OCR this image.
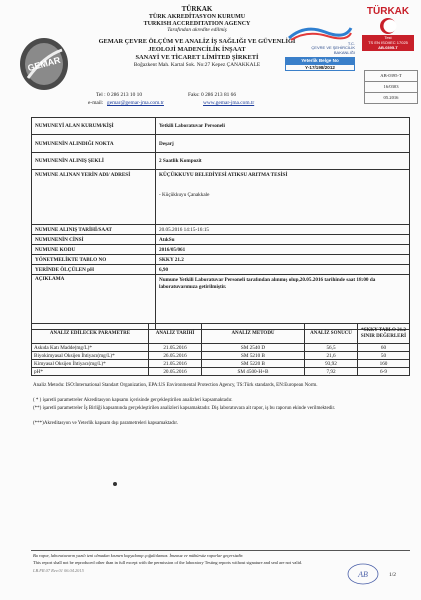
GEMAR
TÜRKAK
TÜRK AKREDİTASYON KURUMU
TURKISH ACCREDITATION AGENCY
Tarafından akredite edilmiş
GEMAR ÇEVRE ÖLÇÜM VE ANALİZ İŞ SAĞLIĞI VE GÜVENLİĞİ
JEOLOJİ MADENCİLİK İNŞAAT
SANAYİ VE TİCARET LİMİTED ŞİRKETİ
Boğazkent Mah. Kartal Sok. No:27 Kepez ÇANAKKALE
Tel : 0 286 213 10 10	Faks: 0 286 213 81 66
e-mail: gemar@gemar-jma.com.tr	www.gemar-jma.com.tr
T.C.
ÇEVRE VE ŞEHİRCİLİK
BAKANLIĞI
Yeterlik Belge No
Y-17/198/2012
TÜRKAK
Test
TS EN ISO/IEC 17025
AB-0395-T
AB-0395-T
16/0303
05.2016
NUMUNEYİ ALAN KURUM/KİŞİ	Yetkili Laboratuvar Personeli
NUMUNENİN ALINDIĞI NOKTA	Deşarj
NUMUNENİN ALINIŞ ŞEKLİ	2 Saatlik Kompozit
NUMUNE ALINAN YERİN ADI/ ADRESİ	KÜÇÜKKUYU BELEDİYESİ ATIKSU ARITMA TESİSİ
- Küçükkuyu Çanakkale

NUMUNE ALINIŞ TARİHİ/SAAT	20.05.2016 14:15-16:15
NUMUNENİN CİNSİ	AtıkSu
NUMUNE KODU	2016/05/061
YÖNETMELİKTE TABLO NO	SKKY 21.2
YERİNDE ÖLÇÜLEN pH	6,90
AÇIKLAMA	Numune Yetkili Laboratuvar Personeli tarafından alınmış olup,20.05.2016 tarihinde saat 18:00 da laboratuvarımıza getirilmiştir.
ANALİZ EDİLECEK PARAMETRE	ANALİZ TARİHİ	ANALİZ METODU	ANALİZ SONUCU	*SKKY TABLO 21.2 SINIR DEĞERLERİ
Askıda Katı Madde(mg/L)*	21.05.2016	SM 2540 D	56,5	60
Biyokimyasal Oksijen İhtiyacı(mg/L)*	26.05.2016	SM 5210 B	21,6	50
Kimyasal Oksijen İhtiyacı(mg/L)*	21.05.2016	SM 5220 B	93,92	160
pH*	20.05.2016	SM 4500-H+B	7,92	6-9
Analiz Metodu: ISO:International Standart Organization, EPA:US Environmental Protection Agency, TS:Türk standards, EN:European Norm.
( * ) işaretli parametreler Akreditasyon kapsamı içerisinde gerçekleştirilen analizleri kapsamaktadır.
(**) işaretli parametreler İş Birliği kapsamında gerçekleştirilen analizleri kapsamaktadır. Diş laboratuvara ait rapor, iş bu raporun ekinde verilmektedir.
(***)Akreditasyon ve Yeterlik kapsam dışı parametreleri kapsamaktadır.
Bu rapor, laboratuvarın yazılı izni olmadan kısmen kopyalanıp çoğaltılamaz. İmzasız ve mühürsüz raporlar geçersizdir.
This report shall not be reproduced other than in full except with the permission of the laboratory Testing reports without signature and seal are not valid.
LB.FR.07 Rev.01 06.04.2015
1/2
AB
